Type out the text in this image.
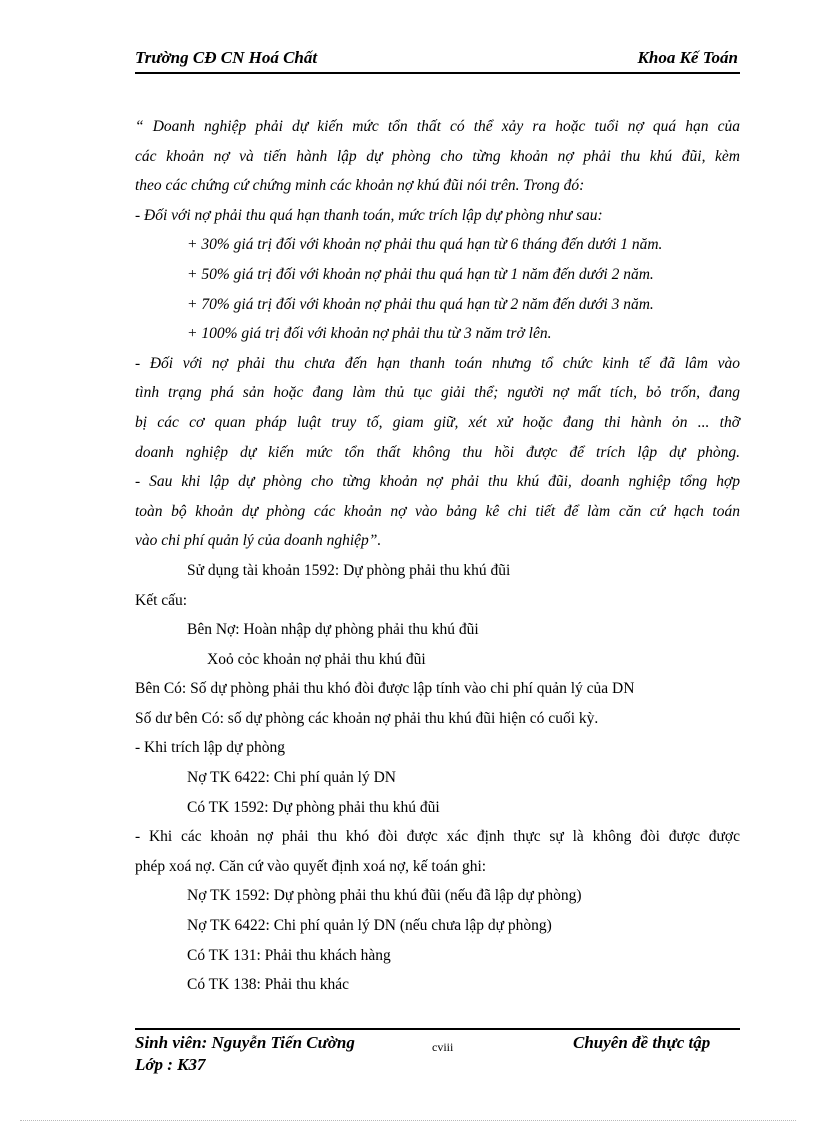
Trường CĐ CN Hoá Chất	Khoa Kế Toán
“ Doanh nghiệp phải dự kiến mức tổn thất có thể xảy ra hoặc tuổi nợ quá hạn của
các khoản nợ và tiến hành lập dự phòng cho từng khoản nợ phải thu khú đũi, kèm
theo các chứng cứ chứng minh các khoản nợ khú đũi nói trên. Trong đó:
- Đối với nợ phải thu quá hạn thanh toán, mức trích lập dự phòng như sau:
+ 30% giá trị đối với khoản nợ phải thu quá hạn từ 6 tháng đến dưới 1 năm.
+ 50% giá trị đối với khoản nợ phải thu quá hạn từ 1 năm đến dưới 2 năm.
+ 70% giá trị đối với khoản nợ phải thu quá hạn từ 2 năm đến dưới 3 năm.
+ 100% giá trị đối với khoản nợ phải thu từ 3 năm trở lên.
- Đối với nợ phải thu chưa đến hạn thanh toán nhưng tổ chức kinh tế đã lâm vào
tình trạng phá sản hoặc đang làm thủ tục giải thể; người nợ mất tích, bỏ trốn, đang
bị các cơ quan pháp luật truy tố, giam giữ, xét xử hoặc đang thi hành ỏn ... thỡ
doanh nghiệp dự kiến mức tổn thất không thu hồi được để trích lập dự phòng.
- Sau khi lập dự phòng cho từng khoản nợ phải thu khú đũi, doanh nghiệp tổng hợp
toàn bộ khoản dự phòng các khoản nợ vào bảng kê chi tiết để làm căn cứ hạch toán
vào chi phí quản lý của doanh nghiệp”.
Sử dụng tài khoản 1592: Dự phòng phải thu khú đũi
Kết cấu:
Bên Nợ: Hoàn nhập dự phòng phải thu khú đũi
Xoỏ cỏc khoản nợ phải thu khú đũi
Bên Có: Số dự phòng phải thu khó đòi được lập tính vào chi phí quản lý của DN
Số dư bên Có: số dự phòng các khoản nợ phải thu khú đũi hiện có cuối kỳ.
- Khi trích lập dự phòng
Nợ TK 6422: Chi phí quản lý DN
Có TK 1592: Dự phòng phải thu khú đũi
- Khi các khoản nợ phải thu khó đòi được xác định thực sự là không đòi được được
phép xoá nợ. Căn cứ vào quyết định xoá nợ, kế toán ghi:
Nợ TK 1592: Dự phòng phải thu khú đũi (nếu đã lập dự phòng)
Nợ TK 6422: Chi phí quản lý DN (nếu chưa lập dự phòng)
Có TK 131: Phải thu khách hàng
Có TK 138: Phải thu khác
Sinh viên: Nguyễn Tiến Cường
Lớp : K37
cviii	Chuyên đề thực tập
